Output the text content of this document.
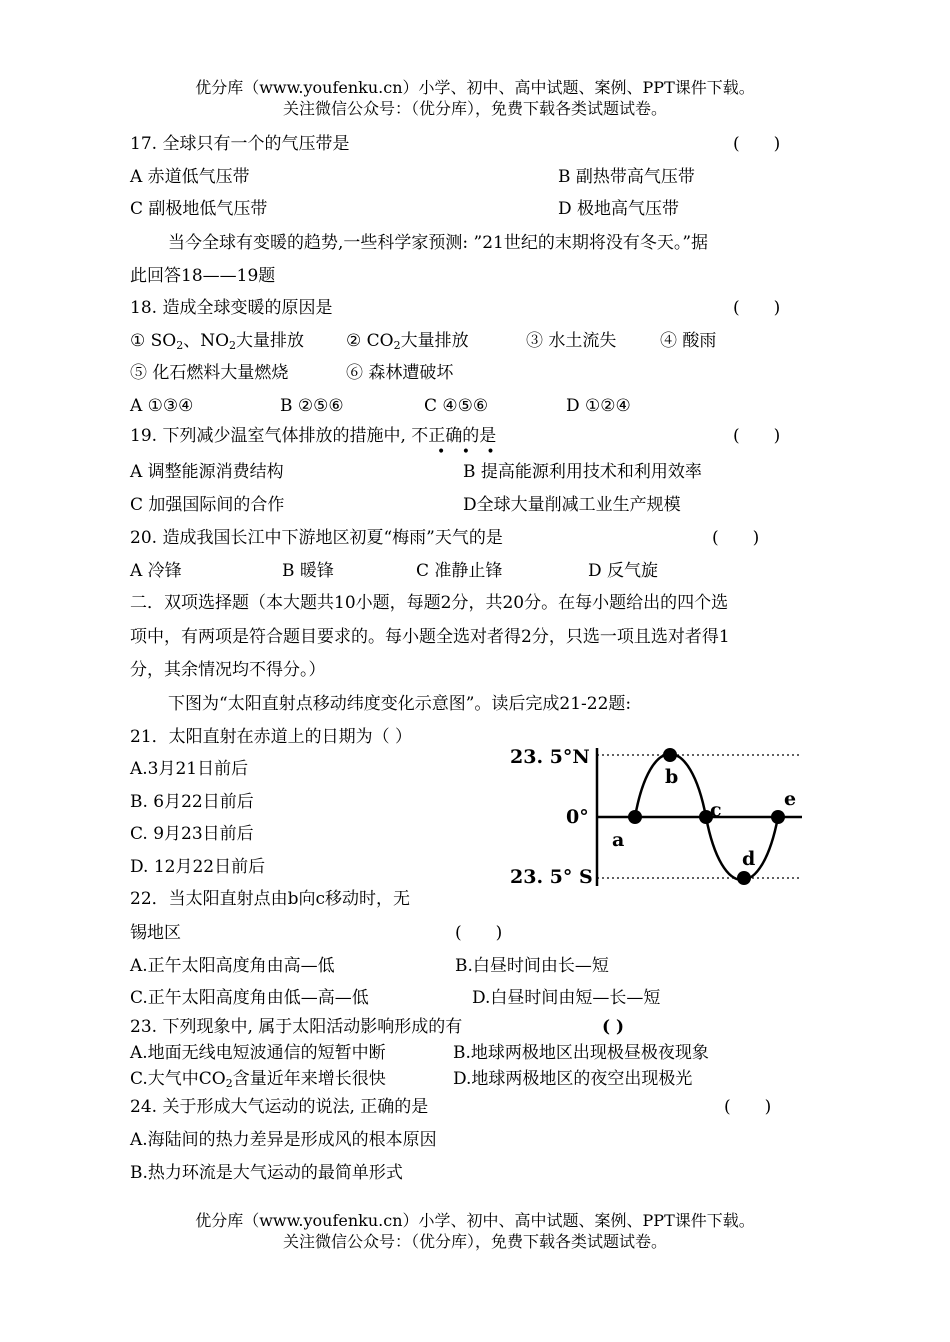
优分库（www.youfenku.cn）小学、初中、高中试题、案例、PPT课件下载。
关注微信公众号：（优分库），免费下载各类试题试卷。
17. 全球只有一个的气压带是	(　　)
A 赤道低气压带	B 副热带高气压带
C 副极地低气压带	D 极地高气压带
当今全球有变暖的趋势,一些科学家预测: ”21世纪的末期将没有冬天。”据
此回答18——19题
18. 造成全球变暖的原因是	(　　)
① $SO_2$、$NO_2$大量排放 ② $CO_2$大量排放	③ 水土流失	④ 酸雨
⑤ 化石燃料大量燃烧	⑥ 森林遭破坏
A ①③④	B ②⑤⑥	C ④⑤⑥	D ①②④
19. 下列减少温室气体排放的措施中, 不正确的是
• • •
(　　)
A 调整能源消费结构	B 提高能源利用技术和利用效率
C 加强国际间的合作	D全球大量削减工业生产规模
20. 造成我国长江中下游地区初夏“梅雨”天气的是	(　　)
A 冷锋	B 暖锋	C 准静止锋	D 反气旋
二．双项选择题（本大题共10小题，每题2分，共20分。在每小题给出的四个选
项中，有两项是符合题目要求的。每小题全选对者得2分，只选一项且选对者得1
分，其余情况均不得分。）
下图为“太阳直射点移动纬度变化示意图”。读后完成21-22题:
21．太阳直射在赤道上的日期为（ ）
A.3月21日前后
B. 6月22日前后
C. 9月23日前后
D. 12月22日前后
23. 5°N
0°
23. 5° S
a
b
c
d
e
22．当太阳直射点由b向c移动时，无
锡地区	(　　)
A.正午太阳高度角由高—低	B.白昼时间由长—短
C.正午太阳高度角由低—高—低	D.白昼时间由短—长—短
23. 下列现象中, 属于太阳活动影响形成的有	( )
A.地面无线电短波通信的短暂中断	B.地球两极地区出现极昼极夜现象
C.大气中$CO_2$含量近年来增长很快	D.地球两极地区的夜空出现极光
24. 关于形成大气运动的说法, 正确的是	(　　)
A.海陆间的热力差异是形成风的根本原因
B.热力环流是大气运动的最简单形式
优分库（www.youfenku.cn）小学、初中、高中试题、案例、PPT课件下载。
关注微信公众号：（优分库），免费下载各类试题试卷。
